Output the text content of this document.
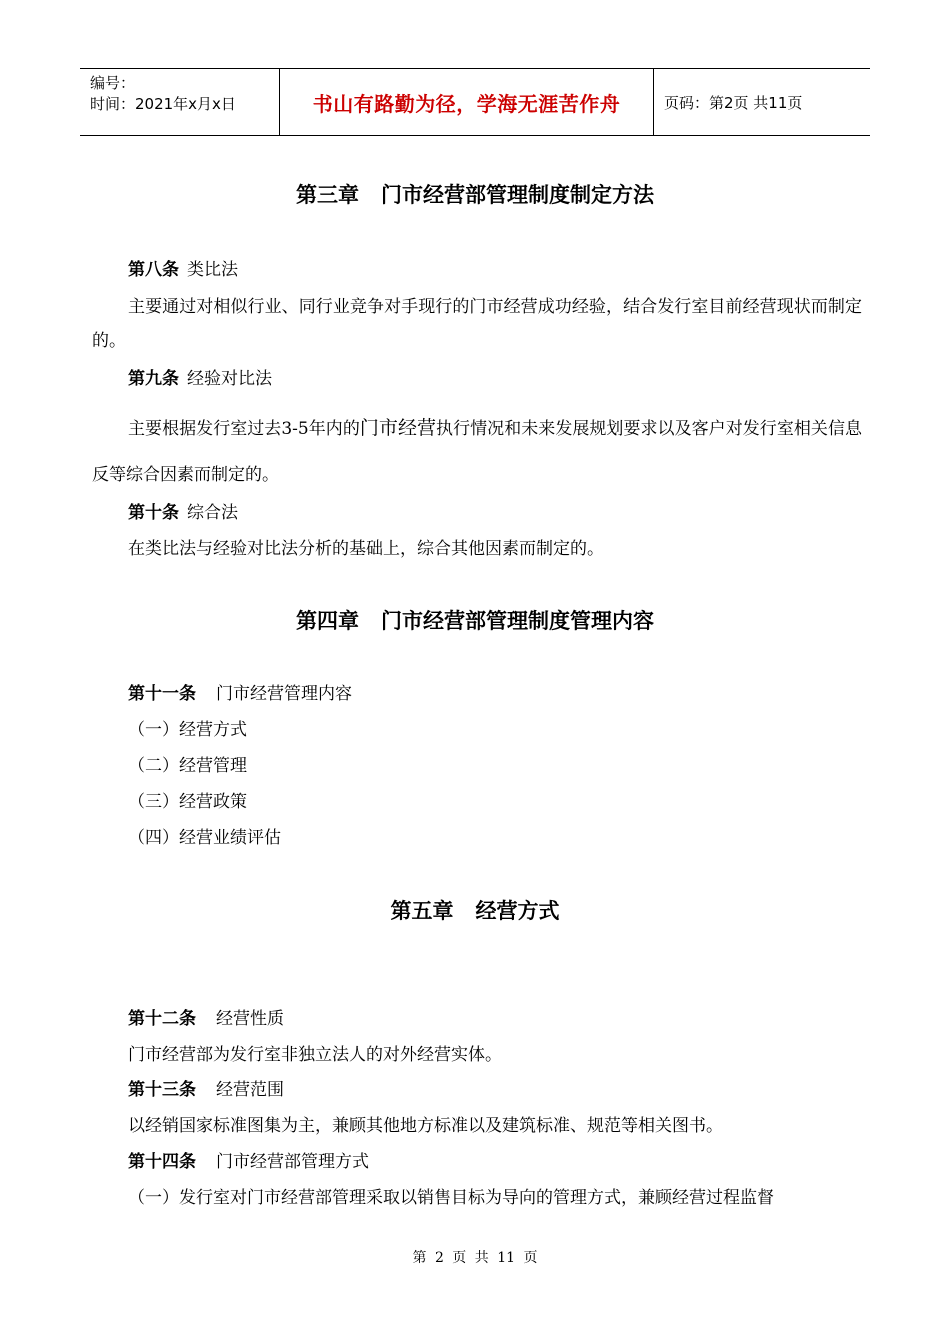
编号：
时间：2021年x月x日	书山有路勤为径，学海无涯苦作舟	页码：第2页 共11页
第三章 门市经营部管理制度制定方法
第八条 类比法
主要通过对相似行业、同行业竞争对手现行的门市经营成功经验，结合发行室目前经营现状而制定的。
第九条 经验对比法
主要根据发行室过去3-5年内的门市经营执行情况和未来发展规划要求以及客户对发行室相关信息反等综合因素而制定的。
第十条 综合法
在类比法与经验对比法分析的基础上，综合其他因素而制定的。
第四章 门市经营部管理制度管理内容
第十一条 门市经营管理内容
（一）经营方式
（二）经营管理
（三）经营政策
（四）经营业绩评估
第五章 经营方式
第十二条 经营性质
门市经营部为发行室非独立法人的对外经营实体。
第十三条 经营范围
以经销国家标准图集为主，兼顾其他地方标准以及建筑标准、规范等相关图书。
第十四条 门市经营部管理方式
（一）发行室对门市经营部管理采取以销售目标为导向的管理方式，兼顾经营过程监督
第 2 页 共 11 页
